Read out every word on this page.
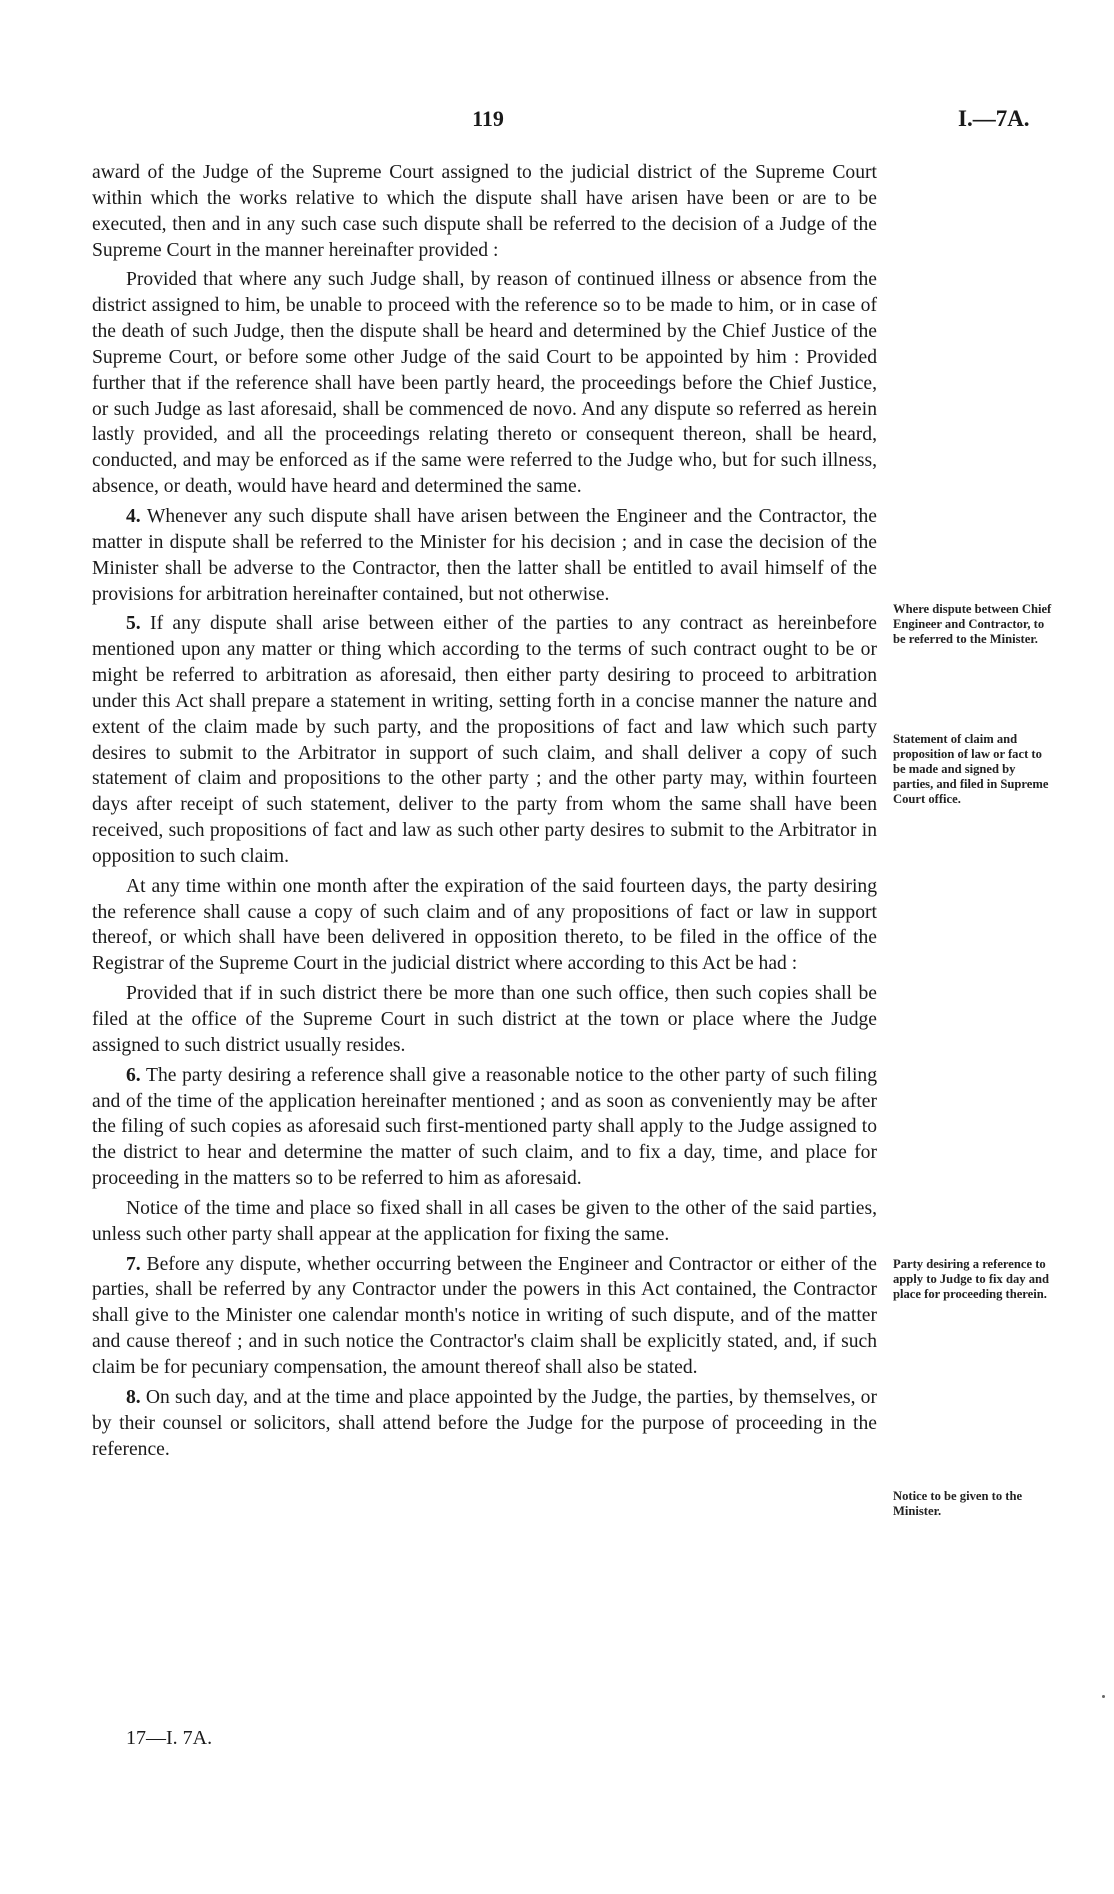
119	I.—7A.

award of the Judge of the Supreme Court assigned to the judicial district of the Supreme Court within which the works relative to which the dispute shall have arisen have been or are to be executed, then and in any such case such dispute shall be referred to the decision of a Judge of the Supreme Court in the manner hereinafter provided :

Provided that where any such Judge shall, by reason of continued illness or absence from the district assigned to him, be unable to proceed with the reference so to be made to him, or in case of the death of such Judge, then the dispute shall be heard and determined by the Chief Justice of the Supreme Court, or before some other Judge of the said Court to be appointed by him : Provided further that if the reference shall have been partly heard, the proceedings before the Chief Justice, or such Judge as last aforesaid, shall be commenced de novo. And any dispute so referred as herein lastly provided, and all the proceedings relating thereto or consequent thereon, shall be heard, conducted, and may be enforced as if the same were referred to the Judge who, but for such illness, absence, or death, would have heard and determined the same.

4. Whenever any such dispute shall have arisen between the Engineer and the Contractor, the matter in dispute shall be referred to the Minister for his decision ; and in case the decision of the Minister shall be adverse to the Contractor, then the latter shall be entitled to avail himself of the provisions for arbitration hereinafter contained, but not otherwise.

5. If any dispute shall arise between either of the parties to any contract as hereinbefore mentioned upon any matter or thing which according to the terms of such contract ought to be or might be referred to arbitration as aforesaid, then either party desiring to proceed to arbitration under this Act shall prepare a statement in writing, setting forth in a concise manner the nature and extent of the claim made by such party, and the propositions of fact and law which such party desires to submit to the Arbitrator in support of such claim, and shall deliver a copy of such statement of claim and propositions to the other party ; and the other party may, within fourteen days after receipt of such statement, deliver to the party from whom the same shall have been received, such propositions of fact and law as such other party desires to submit to the Arbitrator in opposition to such claim.

At any time within one month after the expiration of the said fourteen days, the party desiring the reference shall cause a copy of such claim and of any propositions of fact or law in support thereof, or which shall have been delivered in opposition thereto, to be filed in the office of the Registrar of the Supreme Court in the judicial district where according to this Act be had :

Provided that if in such district there be more than one such office, then such copies shall be filed at the office of the Supreme Court in such district at the town or place where the Judge assigned to such district usually resides.

6. The party desiring a reference shall give a reasonable notice to the other party of such filing and of the time of the application hereinafter mentioned ; and as soon as conveniently may be after the filing of such copies as aforesaid such first-mentioned party shall apply to the Judge assigned to the district to hear and determine the matter of such claim, and to fix a day, time, and place for proceeding in the matters so to be referred to him as aforesaid.

Notice of the time and place so fixed shall in all cases be given to the other of the said parties, unless such other party shall appear at the application for fixing the same.

7. Before any dispute, whether occurring between the Engineer and Contractor or either of the parties, shall be referred by any Contractor under the powers in this Act contained, the Contractor shall give to the Minister one calendar month's notice in writing of such dispute, and of the matter and cause thereof ; and in such notice the Contractor's claim shall be explicitly stated, and, if such claim be for pecuniary compensation, the amount thereof shall also be stated.

8. On such day, and at the time and place appointed by the Judge, the parties, by themselves, or by their counsel or solicitors, shall attend before the Judge for the purpose of proceeding in the reference.

Where dispute between Chief Engineer and Contractor, to be referred to the Minister.
Statement of claim and proposition of law or fact to be made and signed by parties, and filed in Supreme Court office.
Party desiring a reference to apply to Judge to fix day and place for proceeding therein.
Notice to be given to the Minister.
17—I. 7A.
